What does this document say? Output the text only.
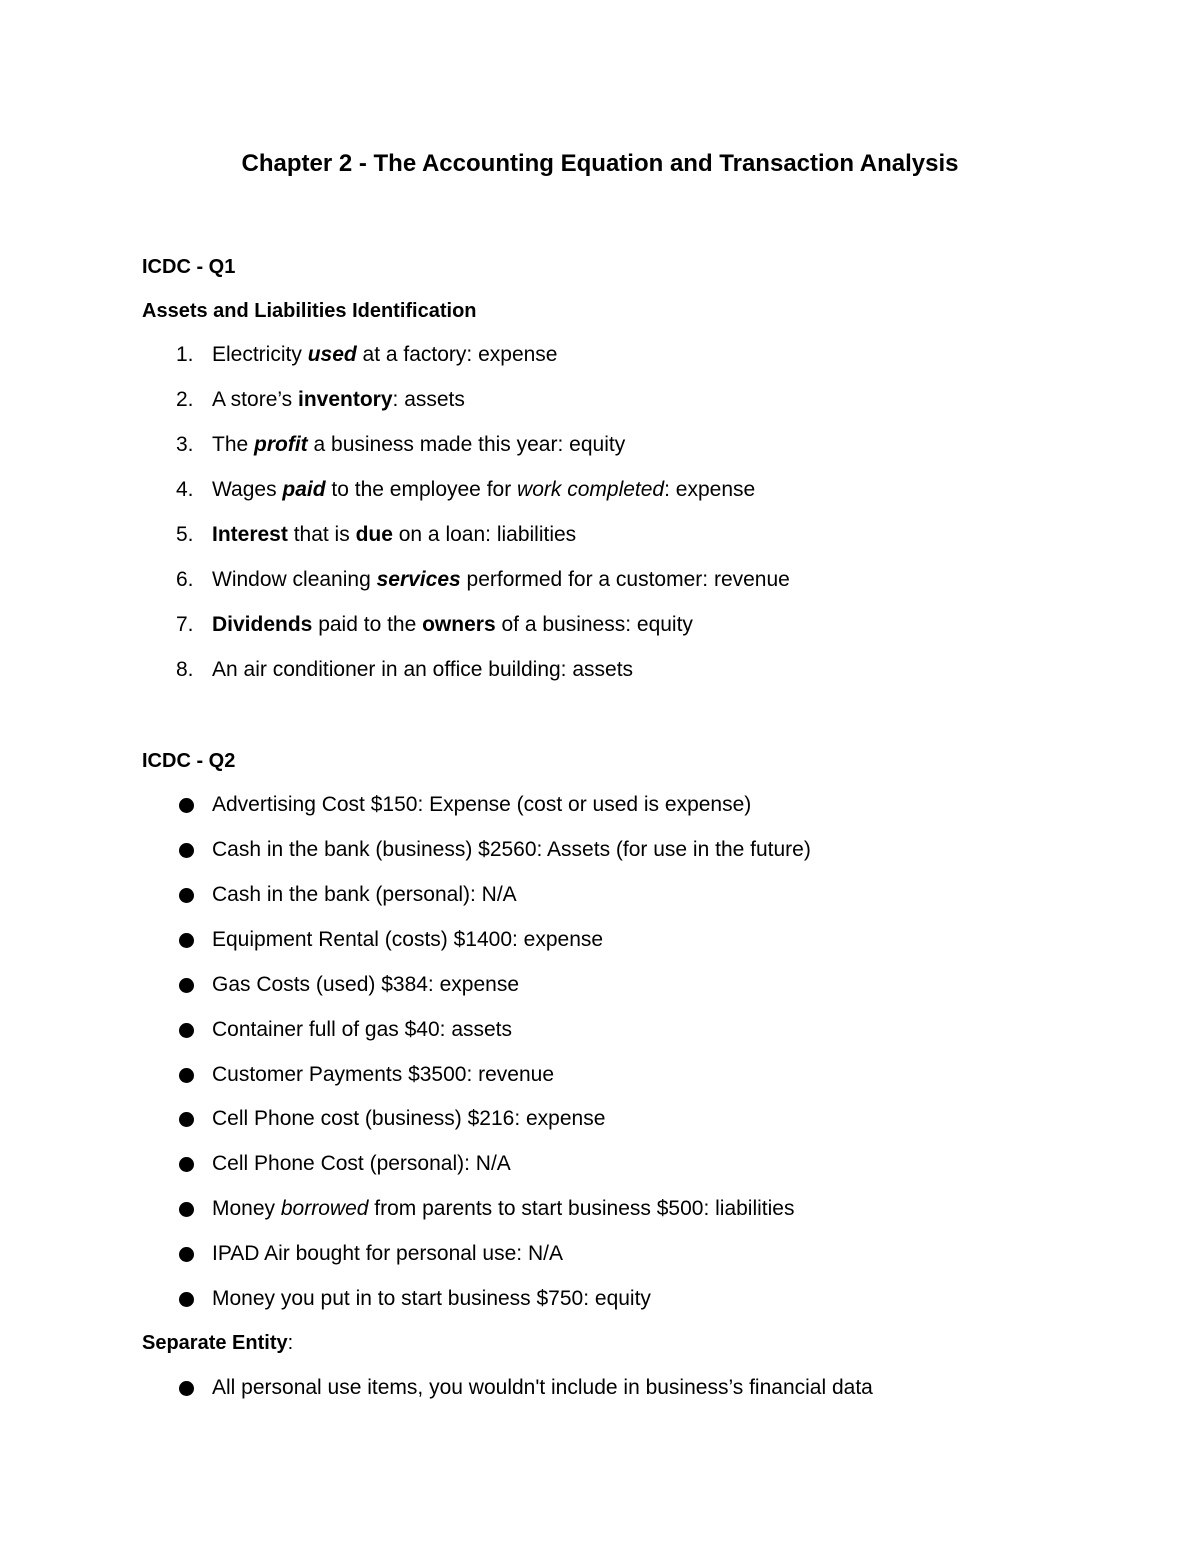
Chapter 2 - The Accounting Equation and Transaction Analysis
ICDC - Q1
Assets and Liabilities Identification
1. Electricity used at a factory: expense
2. A store’s inventory: assets
3. The profit a business made this year: equity
4. Wages paid to the employee for work completed: expense
5. Interest that is due on a loan: liabilities
6. Window cleaning services performed for a customer: revenue
7. Dividends paid to the owners of a business: equity
8. An air conditioner in an office building: assets
ICDC - Q2
Advertising Cost $150: Expense (cost or used is expense)
Cash in the bank (business) $2560: Assets (for use in the future)
Cash in the bank (personal): N/A
Equipment Rental (costs) $1400: expense
Gas Costs (used) $384: expense
Container full of gas $40: assets
Customer Payments $3500: revenue
Cell Phone cost (business) $216: expense
Cell Phone Cost (personal): N/A
Money borrowed from parents to start business $500: liabilities
IPAD Air bought for personal use: N/A
Money you put in to start business $750: equity
Separate Entity:
All personal use items, you wouldn't include in business’s financial data
